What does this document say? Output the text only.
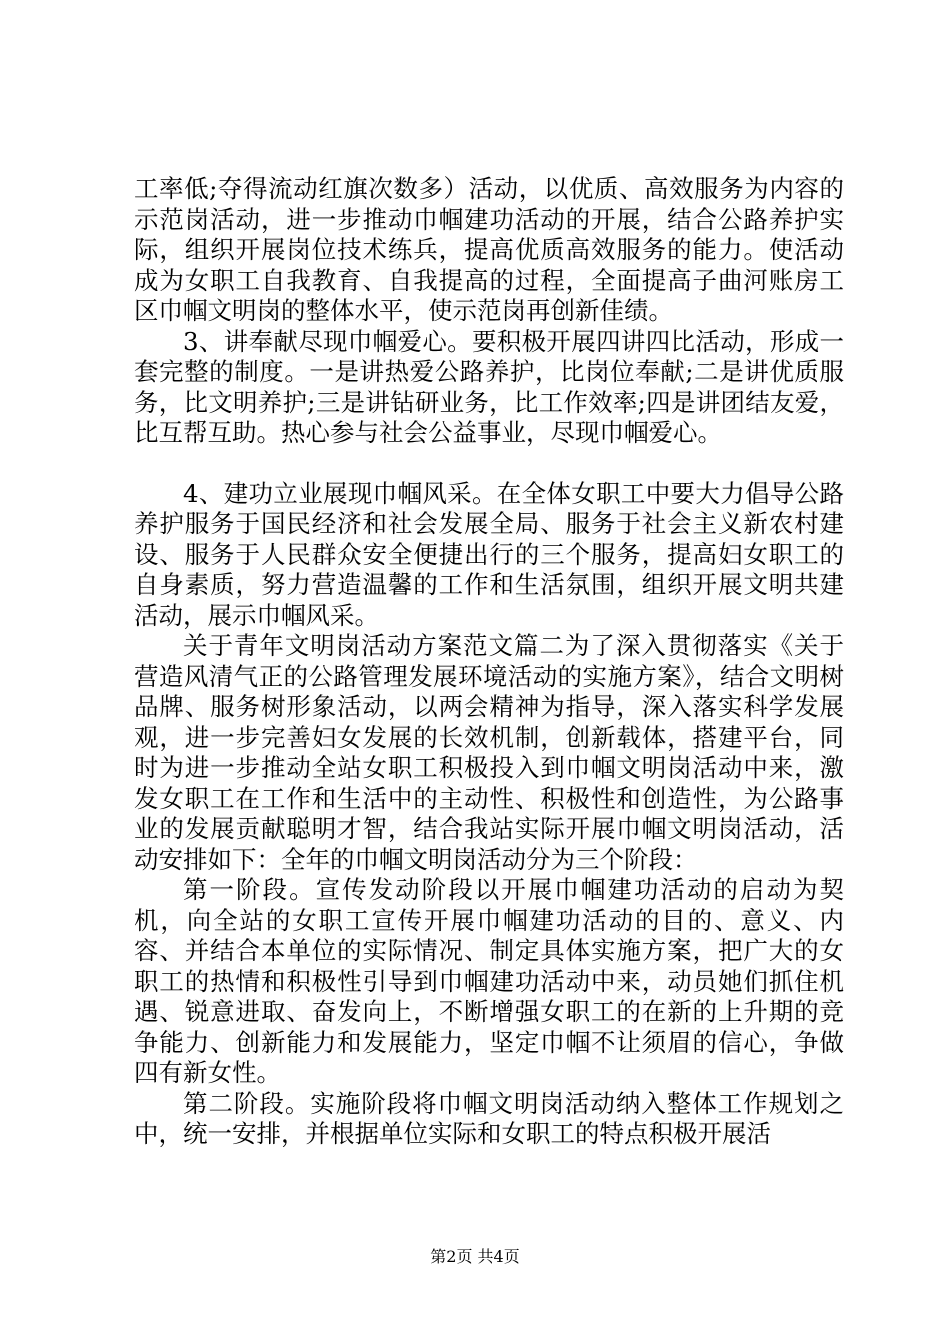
工率低;夺得流动红旗次数多）活动，以优质、高效服务为内容的示范岗活动，进一步推动巾帼建功活动的开展，结合公路养护实际，组织开展岗位技术练兵，提高优质高效服务的能力。使活动成为女职工自我教育、自我提高的过程，全面提高子曲河账房工区巾帼文明岗的整体水平，使示范岗再创新佳绩。

3、讲奉献尽现巾帼爱心。要积极开展四讲四比活动，形成一套完整的制度。一是讲热爱公路养护，比岗位奉献;二是讲优质服务，比文明养护;三是讲钻研业务，比工作效率;四是讲团结友爱，比互帮互助。热心参与社会公益事业，尽现巾帼爱心。

4、建功立业展现巾帼风采。在全体女职工中要大力倡导公路养护服务于国民经济和社会发展全局、服务于社会主义新农村建设、服务于人民群众安全便捷出行的三个服务，提高妇女职工的自身素质，努力营造温馨的工作和生活氛围，组织开展文明共建活动，展示巾帼风采。

关于青年文明岗活动方案范文篇二为了深入贯彻落实《关于营造风清气正的公路管理发展环境活动的实施方案》，结合文明树品牌、服务树形象活动，以两会精神为指导，深入落实科学发展观，进一步完善妇女发展的长效机制，创新载体，搭建平台，同时为进一步推动全站女职工积极投入到巾帼文明岗活动中来，激发女职工在工作和生活中的主动性、积极性和创造性，为公路事业的发展贡献聪明才智，结合我站实际开展巾帼文明岗活动，活动安排如下：全年的巾帼文明岗活动分为三个阶段：

第一阶段。宣传发动阶段以开展巾帼建功活动的启动为契机，向全站的女职工宣传开展巾帼建功活动的目的、意义、内容、并结合本单位的实际情况、制定具体实施方案，把广大的女职工的热情和积极性引导到巾帼建功活动中来，动员她们抓住机遇、锐意进取、奋发向上，不断增强女职工的在新的上升期的竞争能力、创新能力和发展能力，坚定巾帼不让须眉的信心，争做四有新女性。

第二阶段。实施阶段将巾帼文明岗活动纳入整体工作规划之中，统一安排，并根据单位实际和女职工的特点积极开展活

第2页 共4页
